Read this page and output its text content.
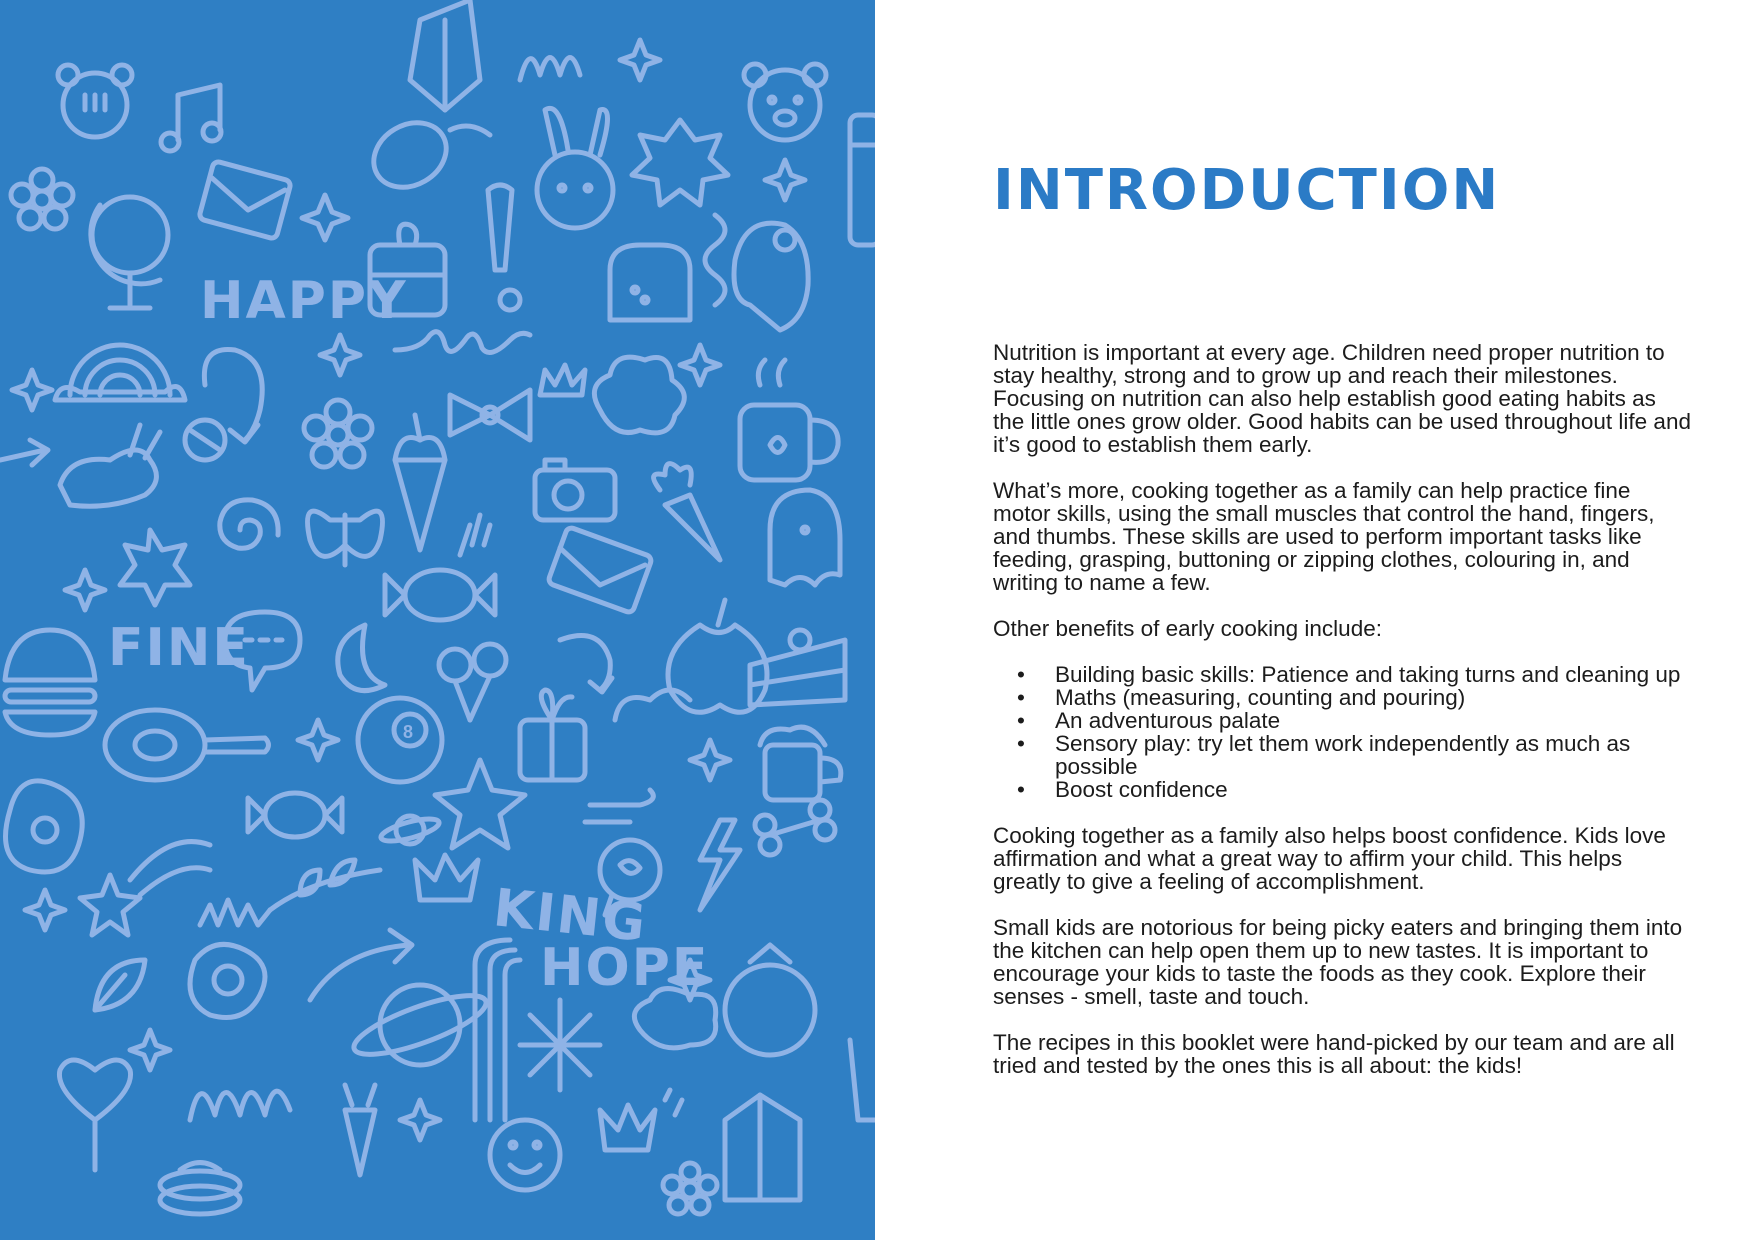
HAPPY
FINE
KING
HOPE
8
INTRODUCTION

Nutrition is important at every age. Children need proper nutrition to stay healthy, strong and to grow up and reach their milestones. Focusing on nutrition can also help establish good eating habits as the little ones grow older. Good habits can be used throughout life and it’s good to establish them early.

What’s more, cooking together as a family can help practice fine motor skills, using the small muscles that control the hand, fingers, and thumbs. These skills are used to perform important tasks like feeding, grasping, buttoning or zipping clothes, colouring in, and writing to name a few.

Other benefits of early cooking include:

• Building basic skills: Patience and taking turns and cleaning up
• Maths (measuring, counting and pouring)
• An adventurous palate
• Sensory play: try let them work independently as much as possible
• Boost confidence

Cooking together as a family also helps boost confidence. Kids love affirmation and what a great way to affirm your child. This helps greatly to give a feeling of accomplishment.

Small kids are notorious for being picky eaters and bringing them into the kitchen can help open them up to new tastes. It is important to encourage your kids to taste the foods as they cook. Explore their senses - smell, taste and touch.

The recipes in this booklet were hand-picked by our team and are all tried and tested by the ones this is all about: the kids!
